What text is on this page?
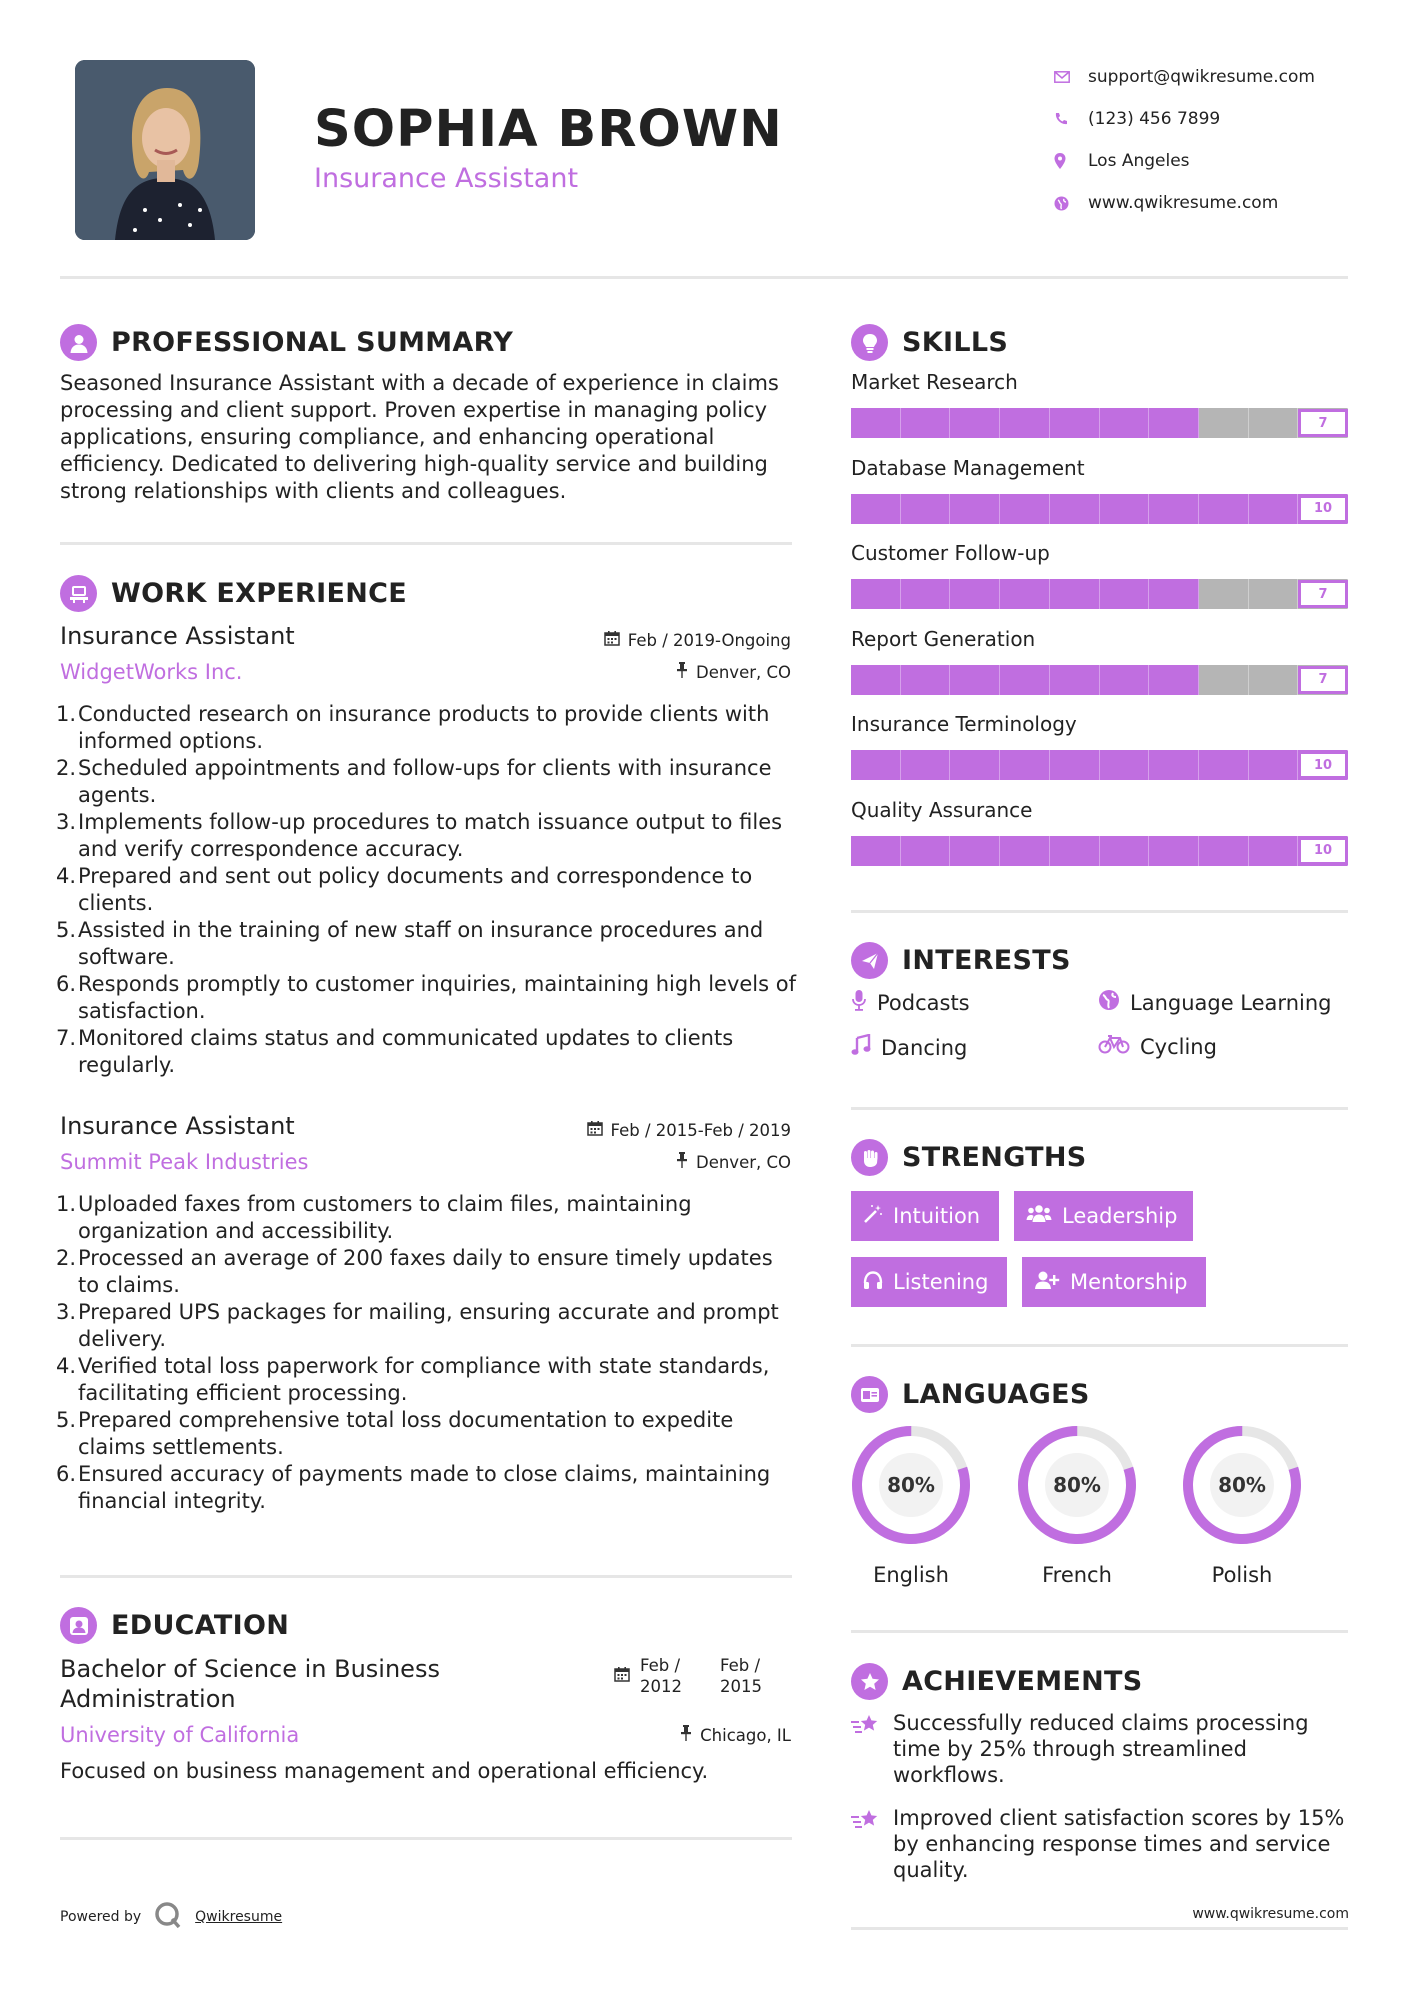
SOPHIA BROWN
Insurance Assistant
support@qwikresume.com
(123) 456 7899
Los Angeles
www.qwikresume.com
PROFESSIONAL SUMMARY
Seasoned Insurance Assistant with a decade of experience in claims processing and client support. Proven expertise in managing policy applications, ensuring compliance, and enhancing operational efficiency. Dedicated to delivering high-quality service and building strong relationships with clients and colleagues.
WORK EXPERIENCE
Insurance Assistant
WidgetWorks Inc.
Feb / 2019-Ongoing
Denver, CO
1. Conducted research on insurance products to provide clients with informed options.
2. Scheduled appointments and follow-ups for clients with insurance agents.
3. Implements follow-up procedures to match issuance output to files and verify correspondence accuracy.
4. Prepared and sent out policy documents and correspondence to clients.
5. Assisted in the training of new staff on insurance procedures and software.
6. Responds promptly to customer inquiries, maintaining high levels of satisfaction.
7. Monitored claims status and communicated updates to clients regularly.
Insurance Assistant
Summit Peak Industries
Feb / 2015-Feb / 2019
Denver, CO
1. Uploaded faxes from customers to claim files, maintaining organization and accessibility.
2. Processed an average of 200 faxes daily to ensure timely updates to claims.
3. Prepared UPS packages for mailing, ensuring accurate and prompt delivery.
4. Verified total loss paperwork for compliance with state standards, facilitating efficient processing.
5. Prepared comprehensive total loss documentation to expedite claims settlements.
6. Ensured accuracy of payments made to close claims, maintaining financial integrity.
EDUCATION
Bachelor of Science in Business
Administration
University of California
Feb /
2012
Feb /
2015
Chicago, IL
Focused on business management and operational efficiency.
SKILLS
Market Research
7
Database Management
10
Customer Follow-up
7
Report Generation
7
Insurance Terminology
10
Quality Assurance
10
INTERESTS
Podcasts	Language Learning
Dancing	Cycling
STRENGTHS
Intuition	Leadership
Listening	Mentorship
LANGUAGES
80%
English
80%
French
80%
Polish
ACHIEVEMENTS
Successfully reduced claims processing time by 25% through streamlined workflows.
Improved client satisfaction scores by 15% by enhancing response times and service quality.
Powered by	Qwikresume	www.qwikresume.com
